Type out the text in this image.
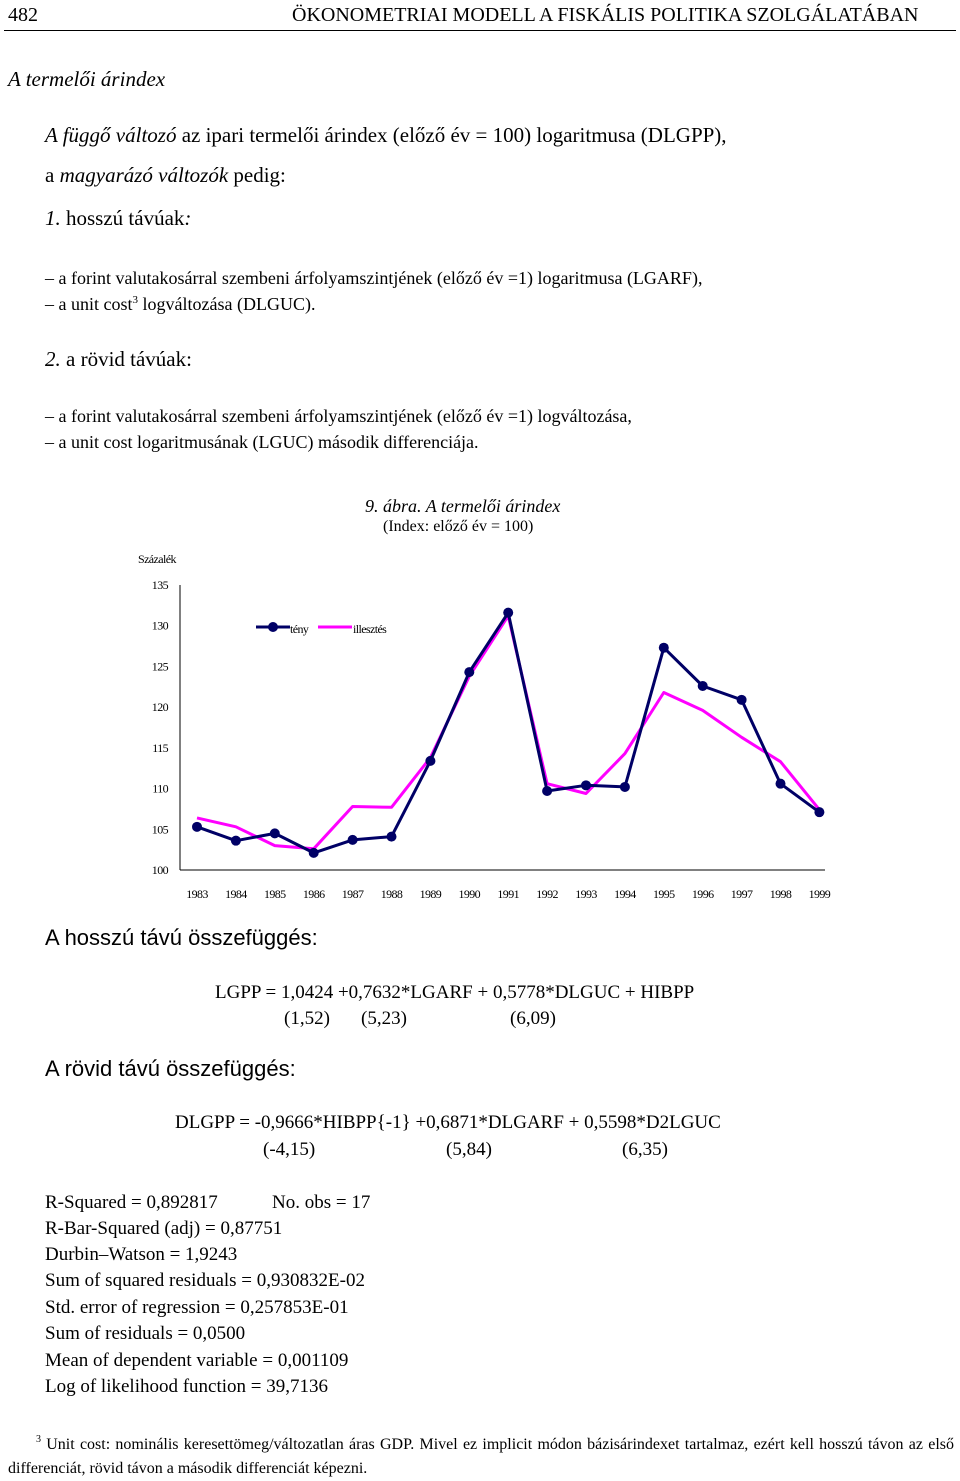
482	ÖKONOMETRIAI MODELL A FISKÁLIS POLITIKA SZOLGÁLATÁBAN
A termelői árindex
A függő változó az ipari termelői árindex (előző év = 100) logaritmusa (DLGPP),
a magyarázó változók pedig:
1. hosszú távúak:
– a forint valutakosárral szembeni árfolyamszintjének (előző év =1) logaritmusa (LGARF),
– a unit cost$^3$ logváltozása (DLGUC).
2. a rövid távúak:
– a forint valutakosárral szembeni árfolyamszintjének (előző év =1) logváltozása,
– a unit cost logaritmusának (LGUC) második differenciája.
9. ábra. A termelői árindex
(Index: előző év = 100)
Százalék
100
105
110
115
120
125
130
135
1983 1984 1985 1986 1987 1988 1989 1990 1991 1992 1993 1994 1995 1996 1997 1998 1999
tény	illesztés
A hosszú távú összefüggés:
LGPP = 1,0424 +0,7632*LGARF + 0,5778*DLGUC + HIBPP
(1,52) (5,23)	(6,09)
A rövid távú összefüggés:
DLGPP = -0,9666*HIBPP{-1} +0,6871*DLGARF + 0,5598*D2LGUC
(-4,15)	(5,84)	(6,35)
R-Squared = 0,892817	No. obs = 17
R-Bar-Squared (adj) = 0,87751
Durbin–Watson = 1,9243
Sum of squared residuals = 0,930832E-02
Std. error of regression = 0,257853E-01
Sum of residuals = 0,0500
Mean of dependent variable = 0,001109
Log of likelihood function = 39,7136
$^3$ Unit cost: nominális keresettömeg/változatlan áras GDP. Mivel ez implicit módon bázisárindexet tartalmaz, ezért kell hosszú távon az első differenciát, rövid távon a második differenciát képezni.
